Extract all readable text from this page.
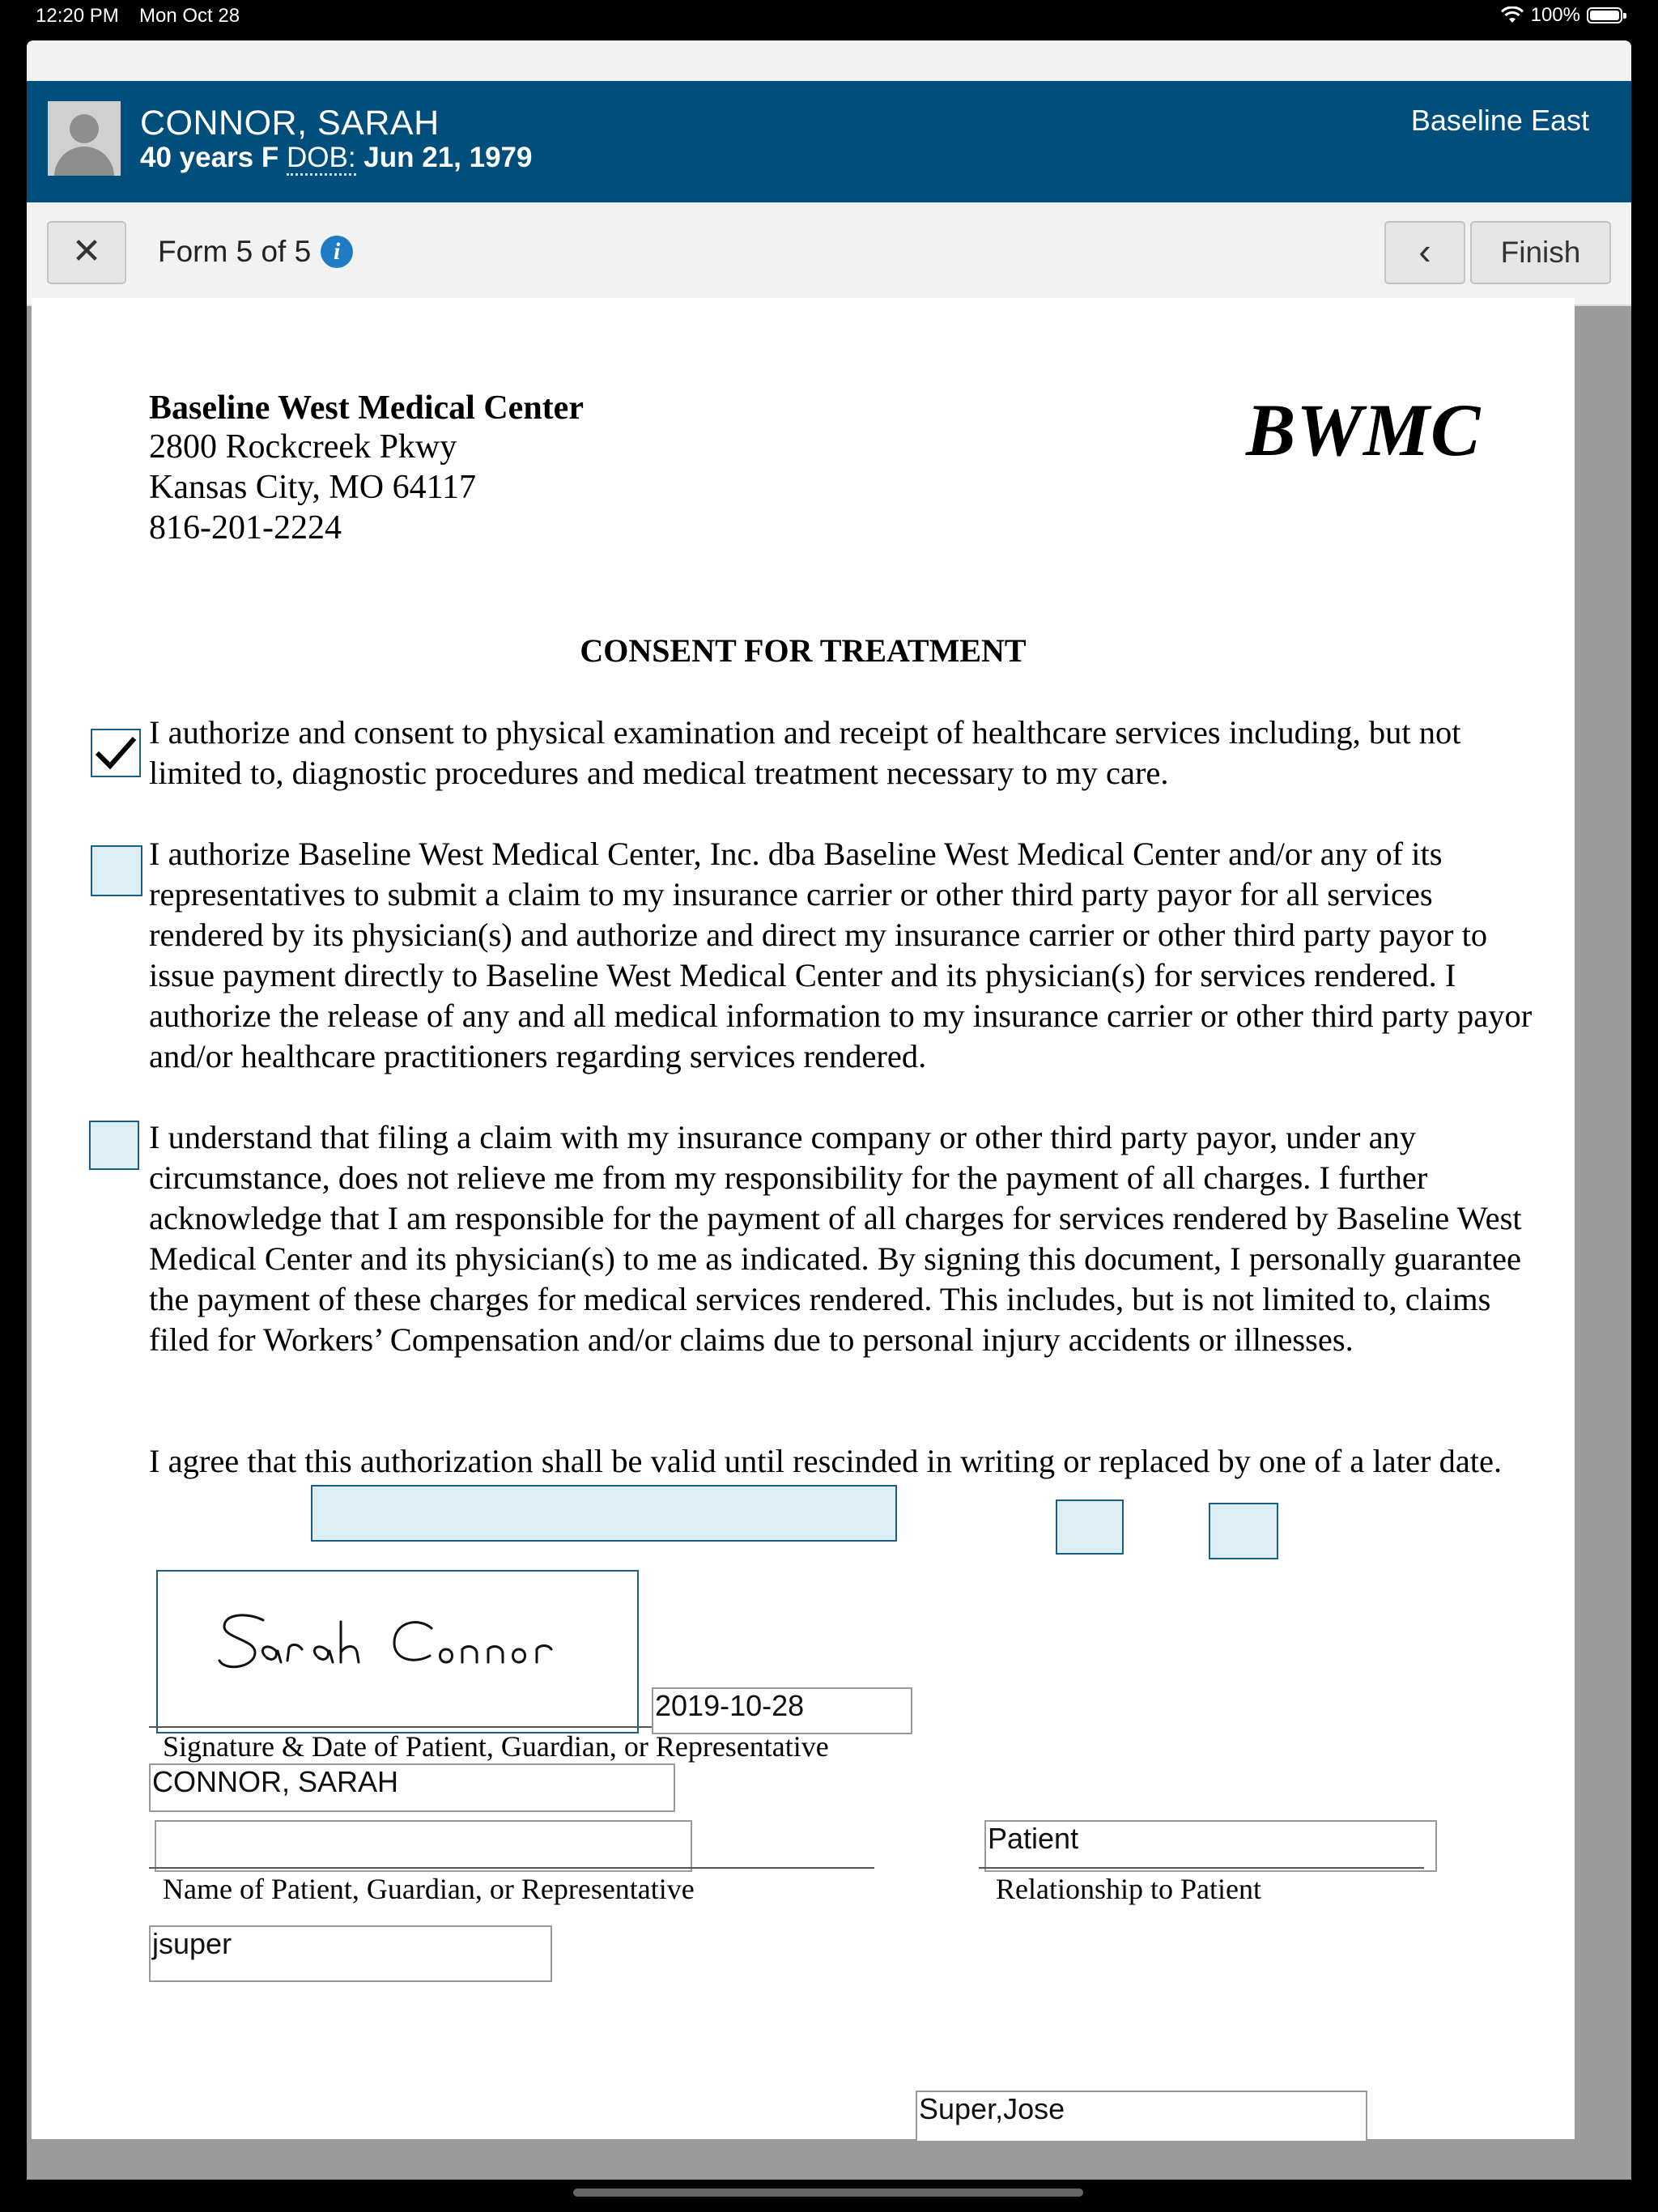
12:20 PM Mon Oct 28	100%
CONNOR, SARAH
40 years F DOB: Jun 21, 1979
Baseline East
✕	Form 5 of 5 i	‹	Finish
Baseline West Medical Center
2800 Rockcreek Pkwy
Kansas City, MO 64117
816-201-2224
BWMC
CONSENT FOR TREATMENT
I authorize and consent to physical examination and receipt of healthcare services including, but not limited to, diagnostic procedures and medical treatment necessary to my care.
I authorize Baseline West Medical Center, Inc. dba Baseline West Medical Center and/or any of its representatives to submit a claim to my insurance carrier or other third party payor for all services rendered by its physician(s) and authorize and direct my insurance carrier or other third party payor to issue payment directly to Baseline West Medical Center and its physician(s) for services rendered. I authorize the release of any and all medical information to my insurance carrier or other third party payor and/or healthcare practitioners regarding services rendered.
I understand that filing a claim with my insurance company or other third party payor, under any circumstance, does not relieve me from my responsibility for the payment of all charges. I further acknowledge that I am responsible for the payment of all charges for services rendered by Baseline West Medical Center and its physician(s) to me as indicated. By signing this document, I personally guarantee the payment of these charges for medical services rendered. This includes, but is not limited to, claims filed for Workers’ Compensation and/or claims due to personal injury accidents or illnesses.
I agree that this authorization shall be valid until rescinded in writing or replaced by one of a later date.
2019-10-28
Signature & Date of Patient, Guardian, or Representative
CONNOR, SARAH
Name of Patient, Guardian, or Representative
Patient
Relationship to Patient
jsuper
Super,Jose
